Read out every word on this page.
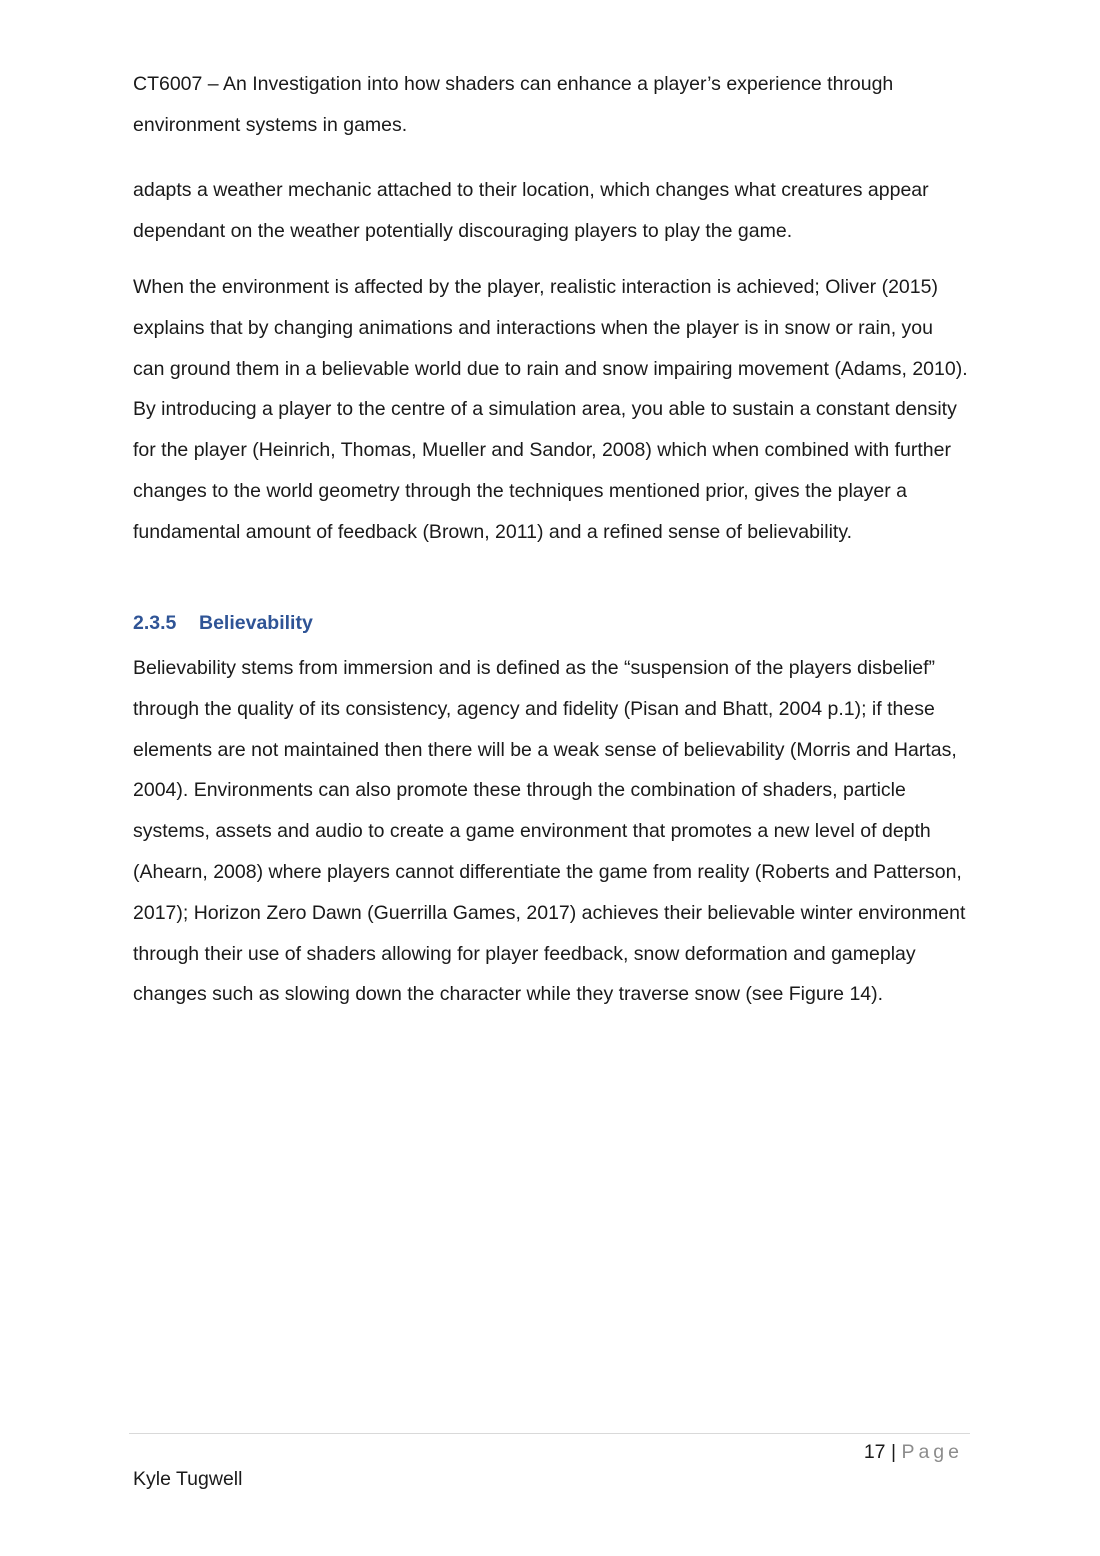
CT6007 – An Investigation into how shaders can enhance a player’s experience through environment systems in games.

adapts a weather mechanic attached to their location, which changes what creatures appear dependant on the weather potentially discouraging players to play the game.

When the environment is affected by the player, realistic interaction is achieved; Oliver (2015) explains that by changing animations and interactions when the player is in snow or rain, you can ground them in a believable world due to rain and snow impairing movement (Adams, 2010). By introducing a player to the centre of a simulation area, you able to sustain a constant density for the player (Heinrich, Thomas, Mueller and Sandor, 2008) which when combined with further changes to the world geometry through the techniques mentioned prior, gives the player a fundamental amount of feedback (Brown, 2011) and a refined sense of believability.

2.3.5 Believability

Believability stems from immersion and is defined as the “suspension of the players disbelief” through the quality of its consistency, agency and fidelity (Pisan and Bhatt, 2004 p.1); if these elements are not maintained then there will be a weak sense of believability (Morris and Hartas, 2004). Environments can also promote these through the combination of shaders, particle systems, assets and audio to create a game environment that promotes a new level of depth (Ahearn, 2008) where players cannot differentiate the game from reality (Roberts and Patterson, 2017); Horizon Zero Dawn (Guerrilla Games, 2017) achieves their believable winter environment through their use of shaders allowing for player feedback, snow deformation and gameplay changes such as slowing down the character while they traverse snow (see Figure 14).

17 | Page
Kyle Tugwell
